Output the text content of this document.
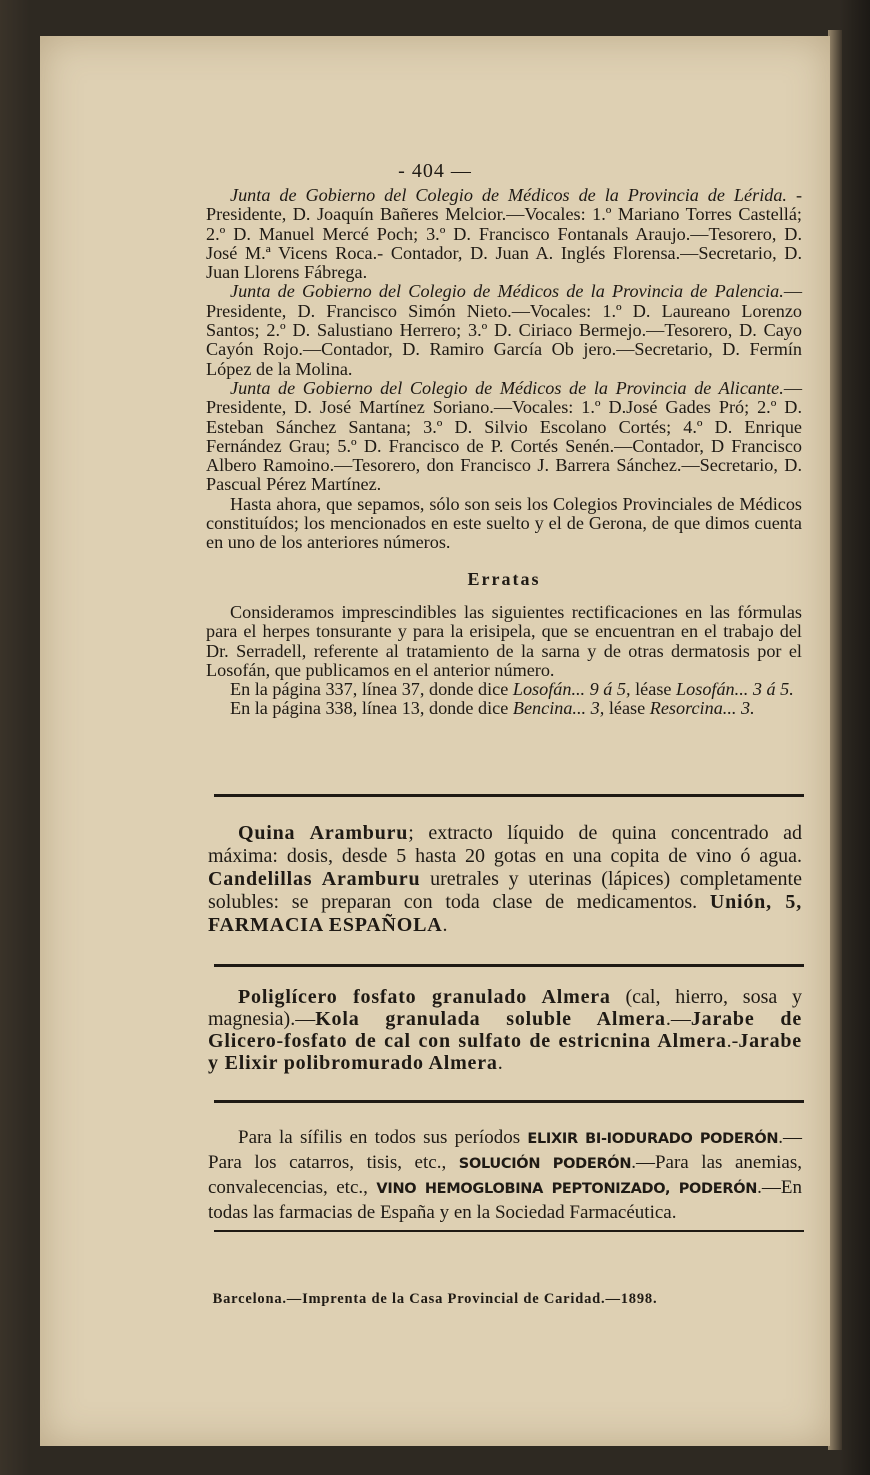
- 404 —

Junta de Gobierno del Colegio de Médicos de la Provincia de Lérida. -Presidente, D. Joaquín Bañeres Melcior.—Vocales: 1.º Mariano Torres Castellá; 2.º D. Manuel Mercé Poch; 3.º D. Francisco Fontanals Araujo.—Tesorero, D. José M.ª Vicens Roca.- Contador, D. Juan A. Inglés Florensa.—Secretario, D. Juan Llorens Fábrega.

Junta de Gobierno del Colegio de Médicos de la Provincia de Palencia.—Presidente, D. Francisco Simón Nieto.—Vocales: 1.º D. Laureano Lorenzo Santos; 2.º D. Salustiano Herrero; 3.º D. Ciriaco Bermejo.—Tesorero, D. Cayo Cayón Rojo.—Contador, D. Ramiro García Ob jero.—Secretario, D. Fermín López de la Molina.

Junta de Gobierno del Colegio de Médicos de la Provincia de Alicante.—Presidente, D. José Martínez Soriano.—Vocales: 1.º D.José Gades Pró; 2.º D. Esteban Sánchez Santana; 3.º D. Silvio Escolano Cortés; 4.º D. Enrique Fernández Grau; 5.º D. Francisco de P. Cortés Senén.—Contador, D Francisco Albero Ramoino.—Tesorero, don Francisco J. Barrera Sánchez.—Secretario, D. Pascual Pérez Martínez.

Hasta ahora, que sepamos, sólo son seis los Colegios Provinciales de Médicos constituídos; los mencionados en este suelto y el de Gerona, de que dimos cuenta en uno de los anteriores números.

Erratas

Consideramos imprescindibles las siguientes rectificaciones en las fórmulas para el herpes tonsurante y para la erisipela, que se encuentran en el trabajo del Dr. Serradell, referente al tratamiento de la sarna y de otras dermatosis por el Losofán, que publicamos en el anterior número.

En la página 337, línea 37, donde dice Losofán... 9 á 5, léase Losofán... 3 á 5.

En la página 338, línea 13, donde dice Bencina... 3, léase Resorcina... 3.

Quina Aramburu; extracto líquido de quina concentrado ad máxima: dosis, desde 5 hasta 20 gotas en una copita de vino ó agua. Candelillas Aramburu uretrales y uterinas (lápices) completamente solubles: se preparan con toda clase de medicamentos. Unión, 5, FARMACIA ESPAÑOLA.

Poliglícero fosfato granulado Almera (cal, hierro, sosa y magnesia).—Kola granulada soluble Almera.—Jarabe de Glicero-fosfato de cal con sulfato de estricnina Almera.-Jarabe y Elixir polibromurado Almera.

Para la sífilis en todos sus períodos ELIXIR BI-IODURADO PODERÓN.—Para los catarros, tisis, etc., SOLUCIÓN PODERÓN.—Para las anemias, convalecencias, etc., VINO HEMOGLOBINA PEPTONIZADO, PODERÓN.—En todas las farmacias de España y en la Sociedad Farmacéutica.

Barcelona.—Imprenta de la Casa Provincial de Caridad.—1898.
